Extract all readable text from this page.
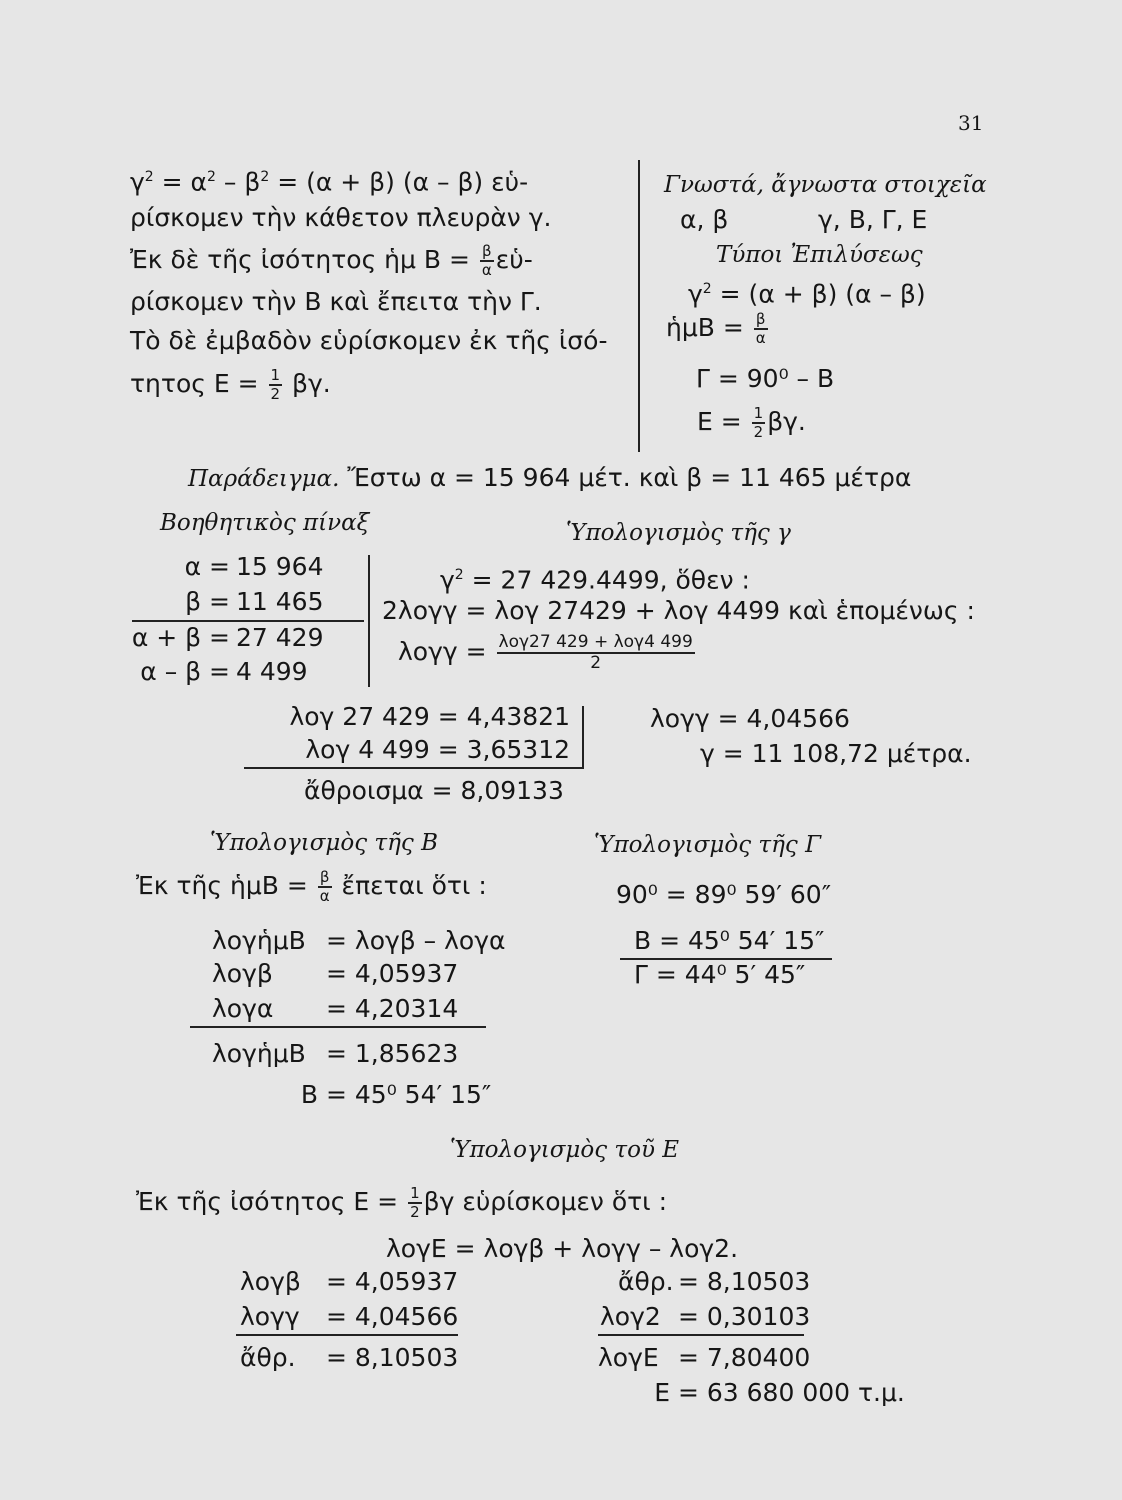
31
$\gamma^2 = \alpha^2 - \beta^2 = (\alpha + \beta)$ (α – β) εὑ-
ρίσκομεν τὴν κάθετον πλευρὰν γ.
Ἐκ δὲ τῆς ἰσότητος ἡμ $B = \frac{\beta}{\alpha}$ εὑ-
ρίσκομεν τὴν Β καὶ ἔπειτα τὴν Γ.
Τὸ δὲ ἐμβαδὸν εὑρίσκομεν ἐκ τῆς ἰσό-
τητος $E = \frac{1}{2} \beta\gamma$.
Γνωστά, ἄγνωστα στοιχεῖα
α, β	γ, Β, Γ, Ε
Τύποι Ἐπιλύσεως
$\gamma^2 = (\alpha + \beta)$ (α – β)
ἡμΒ = $\frac{\beta}{\alpha}$
Γ = 90⁰ – Β
$E = \frac{1}{2} \beta\gamma$.
Παράδειγμα. Ἔστω α = 15 964 μέτ. καὶ β = 11 465 μέτρα
Βοηθητικὸς πίναξ
α = 15 964
β = 11 465
α + β = 27 429
α – β = 4 499
Ὑπολογισμὸς τῆς γ
$\gamma^2 = 27$ 429.4499, ὅθεν :
2λογγ = λογ 27429 + λογ 4499 καὶ ἑπομένως :
$\lambda o\gamma\gamma = \frac{\text{λογ27 429 + λογ4 499}}{2}$
λογ 27 429 = 4,43821
λογ 4 499 = 3,65312
ἄθροισμα = 8,09133
λογγ = 4,04566
γ = 11 108,72 μέτρα.
Ὑπολογισμὸς τῆς Β
Ἐκ τῆς ἡμΒ = $\frac{\beta}{\alpha}$ ἔπεται ὅτι :
λογἡμΒ = λογβ – λογα
λογβ = 4,05937
λογα = 4,20314
λογἡμΒ = 1,85623
Β = 45⁰ 54′ 15″
Ὑπολογισμὸς τῆς Γ
90⁰ = 89⁰ 59′ 60″
Β = 45⁰ 54′ 15″
Γ = 44⁰ 5′ 45″
Ὑπολογισμὸς τοῦ Ε
Ἐκ τῆς ἰσότητος $E = \frac{1}{2}$ βγ εὑρίσκομεν ὅτι :
λογΕ = λογβ + λογγ – λογ2.
λογβ = 4,05937
λογγ = 4,04566
ἄθρ. = 8,10503
ἄθρ. = 8,10503
λογ2 = 0,30103
λογΕ = 7,80400
Ε = 63 680 000 τ.μ.
